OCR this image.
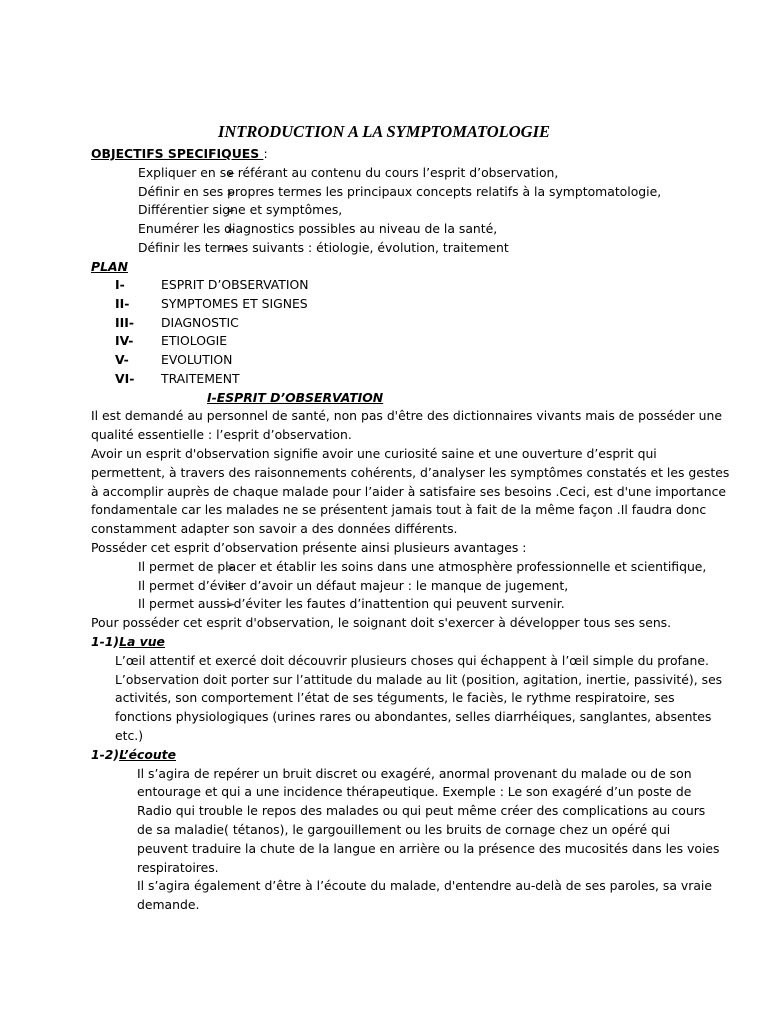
INTRODUCTION A LA SYMPTOMATOLOGIE
OBJECTIFS SPECIFIQUES :
➢
Expliquer en se référant au contenu du cours l’esprit d’observation,
➢
Définir en ses propres termes les principaux concepts relatifs à la symptomatologie,
➢
Différentier signe et symptômes,
➢
Enumérer les diagnostics possibles au niveau de la santé,
➢
Définir les termes suivants : étiologie, évolution, traitement
PLAN
I-	ESPRIT D’OBSERVATION
II-	SYMPTOMES ET SIGNES
III- DIAGNOSTIC
IV- ETIOLOGIE
V-	EVOLUTION
VI- TRAITEMENT
I-ESPRIT D’OBSERVATION
Il est demandé au personnel de santé, non pas d'être des dictionnaires vivants mais de posséder une
qualité essentielle : l’esprit d’observation.
Avoir un esprit d'observation signifie avoir une curiosité saine et une ouverture d’esprit qui
permettent, à travers des raisonnements cohérents, d’analyser les symptômes constatés et les gestes
à accomplir auprès de chaque malade pour l’aider à satisfaire ses besoins .Ceci, est d'une importance
fondamentale car les malades ne se présentent jamais tout à fait de la même façon .Il faudra donc
constamment adapter son savoir a des données différents.
Posséder cet esprit d’observation présente ainsi plusieurs avantages :
➢
Il permet de placer et établir les soins dans une atmosphère professionnelle et scientifique,
➢
Il permet d’éviter d’avoir un défaut majeur : le manque de jugement,
➢
Il permet aussi d’éviter les fautes d’inattention qui peuvent survenir.
Pour posséder cet esprit d'observation, le soignant doit s'exercer à développer tous ses sens.
1-1)La vue
L’œil attentif et exercé doit découvrir plusieurs choses qui échappent à l’œil simple du profane.
L’observation doit porter sur l’attitude du malade au lit (position, agitation, inertie, passivité), ses
activités, son comportement l’état de ses téguments, le faciès, le rythme respiratoire, ses
fonctions physiologiques (urines rares ou abondantes, selles diarrhéiques, sanglantes, absentes
etc.)
1-2)L’écoute
Il s’agira de repérer un bruit discret ou exagéré, anormal provenant du malade ou de son
entourage et qui a une incidence thérapeutique. Exemple : Le son exagéré d’un poste de
Radio qui trouble le repos des malades ou qui peut même créer des complications au cours
de sa maladie( tétanos), le gargouillement ou les bruits de cornage chez un opéré qui
peuvent traduire la chute de la langue en arrière ou la présence des mucosités dans les voies
respiratoires.
Il s’agira également d’être à l’écoute du malade, d'entendre au-delà de ses paroles, sa vraie
demande.
